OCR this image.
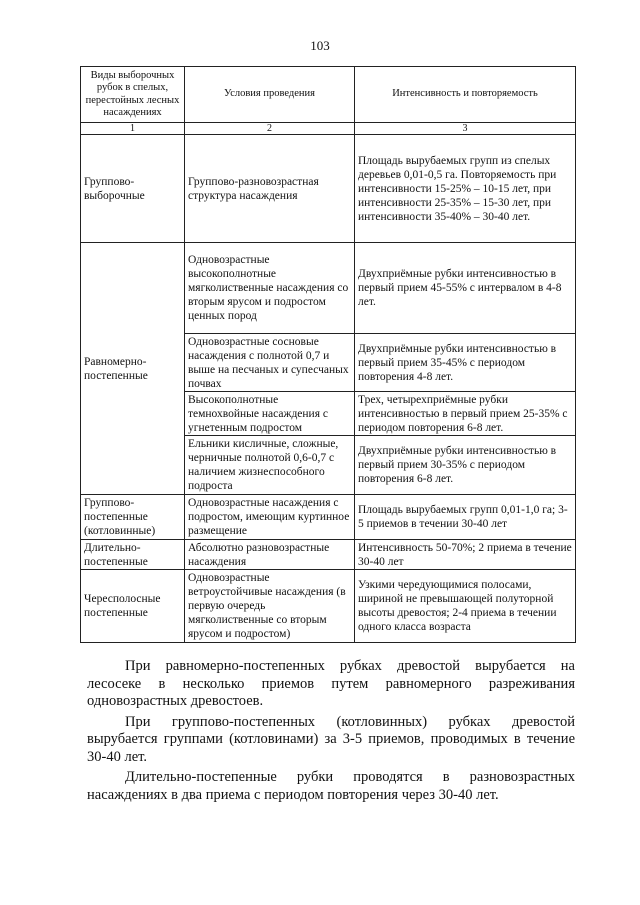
103
Виды выборочных рубок в спелых, перестойных лесных насаждениях	Условия проведения	Интенсивность и повторяемость
1	2	3
Группово-выборочные	Группово-разновозрастная структура насаждения	Площадь вырубаемых групп из спелых деревьев 0,01-0,5 га. Повторяемость при интенсивности 15-25% – 10-15 лет, при интенсивности 25-35% – 15-30 лет, при интенсивности 35-40% – 30-40 лет.
Равномерно-постепенные	Одновозрастные высокополнотные мягколиственные насаждения со вторым ярусом и подростом ценных пород	Двухприёмные рубки интенсивностью в первый прием 45-55% с интервалом в 4-8 лет.
	Одновозрастные сосновые насаждения с полнотой 0,7 и выше на песчаных и супесчаных почвах	Двухприёмные рубки интенсивностью в первый прием 35-45% с периодом повторения 4-8 лет.
	Высокополнотные темнохвойные насаждения с угнетенным подростом	Трех, четырехприёмные рубки интенсивностью в первый прием 25-35% с периодом повторения 6-8 лет.
	Ельники кисличные, сложные, черничные полнотой 0,6-0,7 с наличием жизнеспособного подроста	Двухприёмные рубки интенсивностью в первый прием 30-35% с периодом повторения 6-8 лет.
Группово-постепенные (котловинные)	Одновозрастные насаждения с подростом, имеющим куртинное размещение	Площадь вырубаемых групп 0,01-1,0 га; 3-5 приемов в течении 30-40 лет
Длительно-постепенные	Абсолютно разновозрастные насаждения	Интенсивность 50-70%; 2 приема в течение 30-40 лет
Чересполосные постепенные	Одновозрастные ветроустойчивые насаждения (в первую очередь мягколиственные со вторым ярусом и подростом)	Узкими чередующимися полосами, шириной не превышающей полуторной высоты древостоя; 2-4 приема в течении одного класса возраста

При равномерно-постепенных рубках древостой вырубается на лесосеке в несколько приемов путем равномерного разреживания одновозрастных древостоев.

При группово-постепенных (котловинных) рубках древостой вырубается группами (котловинами) за 3-5 приемов, проводимых в течение 30-40 лет.

Длительно-постепенные рубки проводятся в разновозрастных насаждениях в два приема с периодом повторения через 30-40 лет.
